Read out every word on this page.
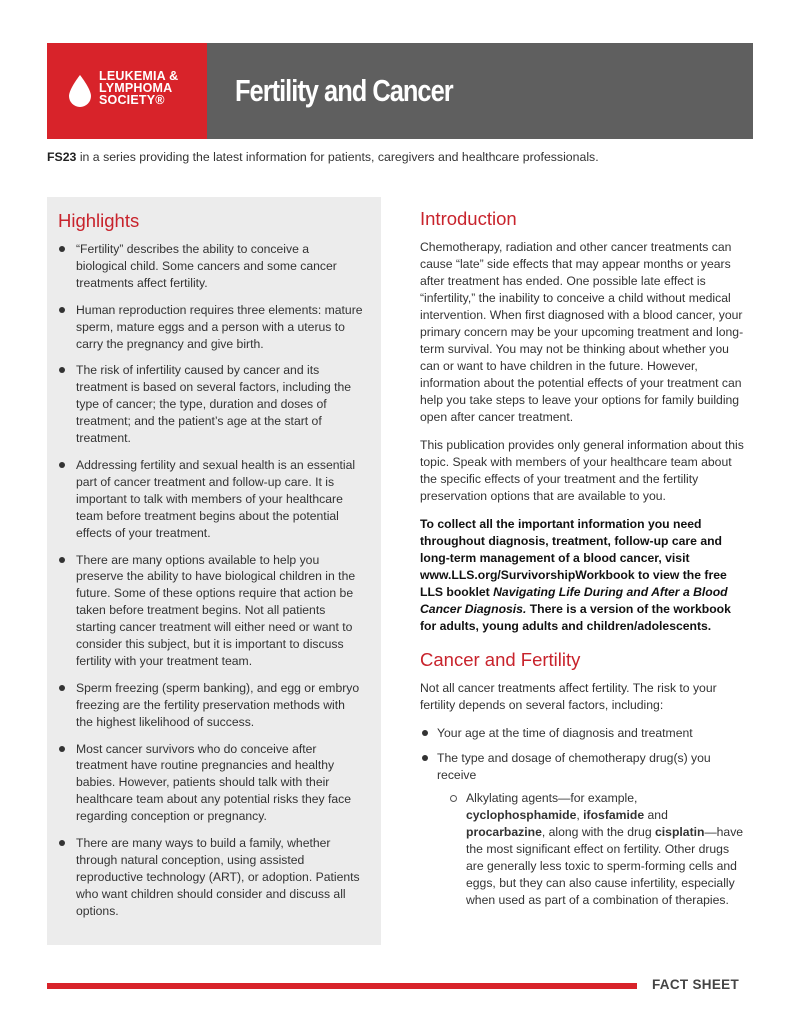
LEUKEMIA &
LYMPHOMA
SOCIETY®	Fertility and Cancer

FS23 in a series providing the latest information for patients, caregivers and healthcare professionals.

Highlights
“Fertility” describes the ability to conceive a biological child. Some cancers and some cancer treatments affect fertility.
Human reproduction requires three elements: mature sperm, mature eggs and a person with a uterus to carry the pregnancy and give birth.
The risk of infertility caused by cancer and its treatment is based on several factors, including the type of cancer; the type, duration and doses of treatment; and the patient’s age at the start of treatment.
Addressing fertility and sexual health is an essential part of cancer treatment and follow-up care. It is important to talk with members of your healthcare team before treatment begins about the potential effects of your treatment.
There are many options available to help you preserve the ability to have biological children in the future. Some of these options require that action be taken before treatment begins. Not all patients starting cancer treatment will either need or want to consider this subject, but it is important to discuss fertility with your treatment team.
Sperm freezing (sperm banking), and egg or embryo freezing are the fertility preservation methods with the highest likelihood of success.
Most cancer survivors who do conceive after treatment have routine pregnancies and healthy babies. However, patients should talk with their healthcare team about any potential risks they face regarding conception or pregnancy.
There are many ways to build a family, whether through natural conception, using assisted reproductive technology (ART), or adoption. Patients who want children should consider and discuss all options.
Introduction

Chemotherapy, radiation and other cancer treatments can cause “late” side effects that may appear months or years after treatment has ended. One possible late effect is “infertility,” the inability to conceive a child without medical intervention. When first diagnosed with a blood cancer, your primary concern may be your upcoming treatment and long-term survival. You may not be thinking about whether you can or want to have children in the future. However, information about the potential effects of your treatment can help you take steps to leave your options for family building open after cancer treatment.

This publication provides only general information about this topic. Speak with members of your healthcare team about the specific effects of your treatment and the fertility preservation options that are available to you.

To collect all the important information you need throughout diagnosis, treatment, follow-up care and long-term management of a blood cancer, visit www.LLS.org/SurvivorshipWorkbook to view the free LLS booklet Navigating Life During and After a Blood Cancer Diagnosis. There is a version of the workbook for adults, young adults and children/adolescents.

Cancer and Fertility

Not all cancer treatments affect fertility. The risk to your fertility depends on several factors, including:

Your age at the time of diagnosis and treatment
The type and dosage of chemotherapy drug(s) you receive
Alkylating agents—for example, cyclophosphamide, ifosfamide and procarbazine, along with the drug cisplatin—have the most significant effect on fertility. Other drugs are generally less toxic to sperm-forming cells and eggs, but they can also cause infertility, especially when used as part of a combination of therapies.
FACT SHEET
